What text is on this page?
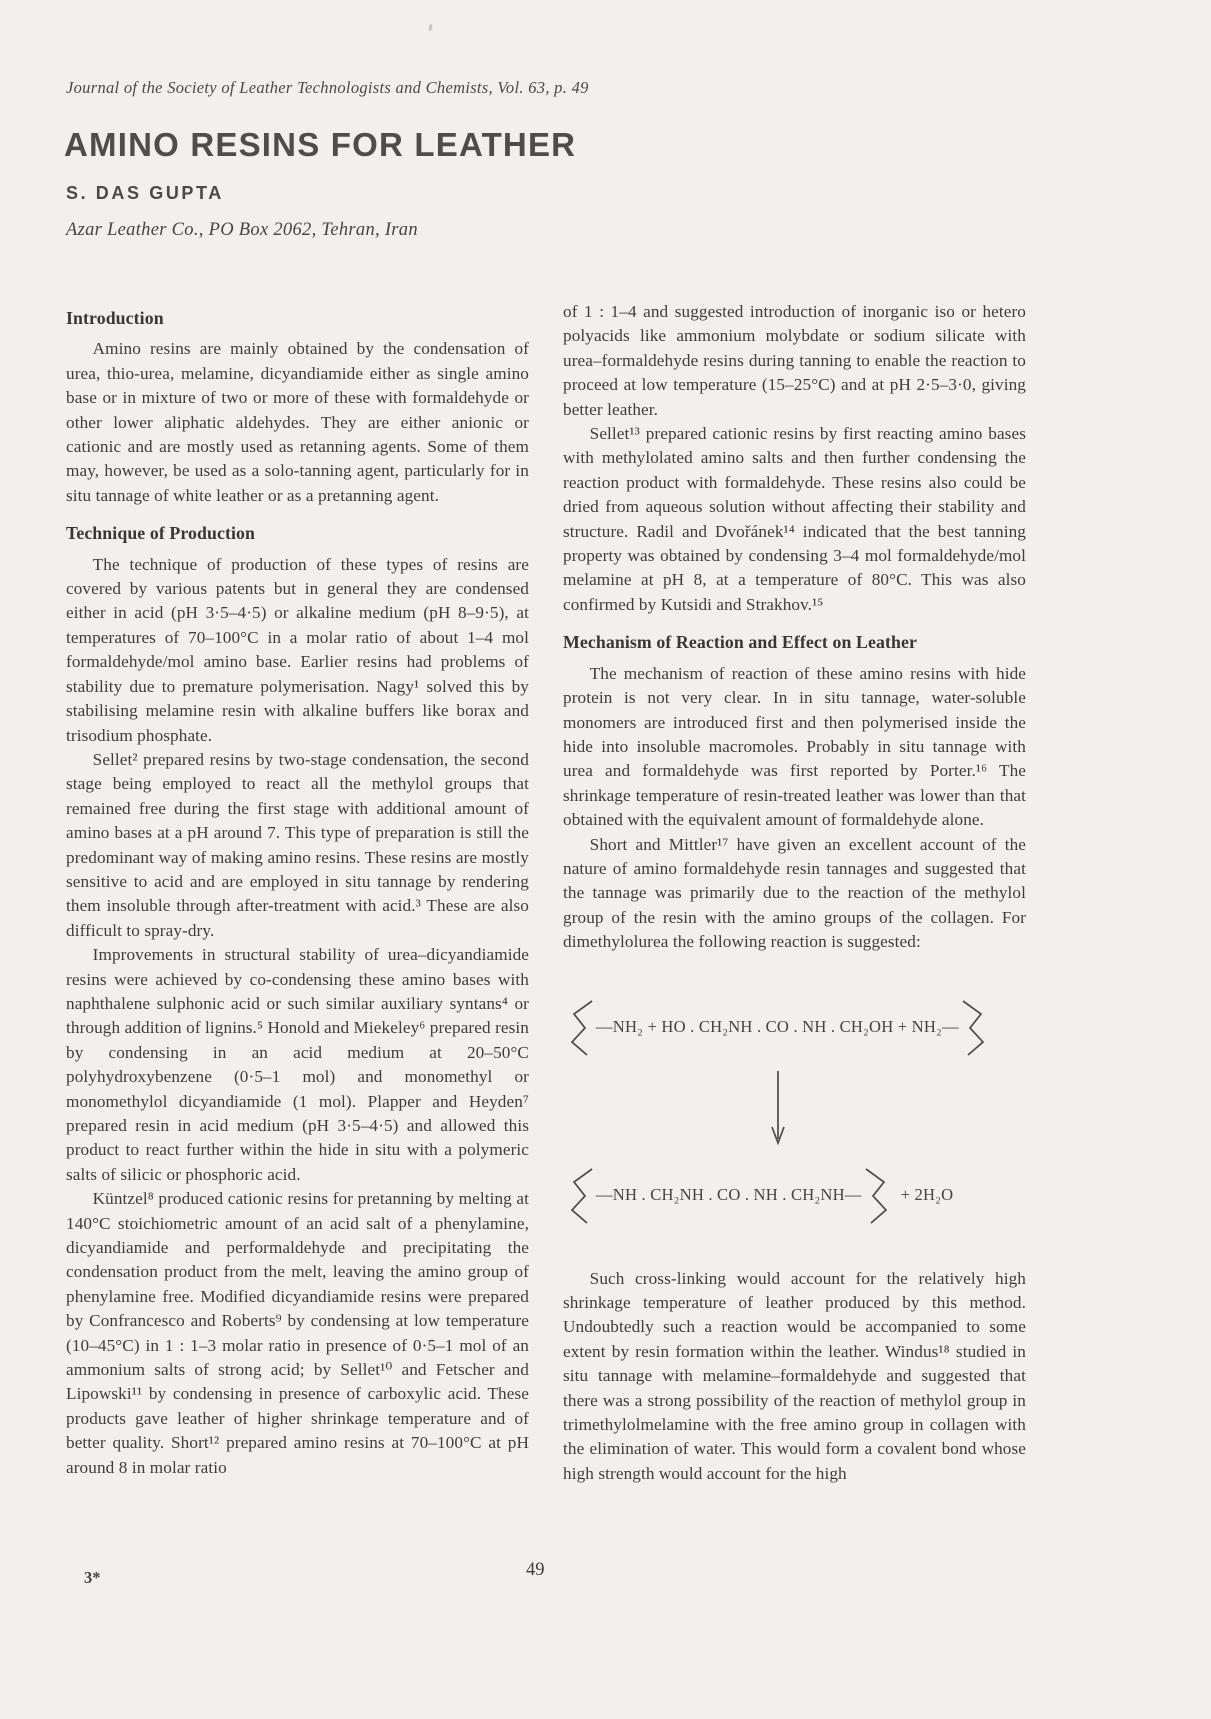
Journal of the Society of Leather Technologists and Chemists, Vol. 63, p. 49
AMINO RESINS FOR LEATHER
S. DAS GUPTA
Azar Leather Co., PO Box 2062, Tehran, Iran
Introduction

Amino resins are mainly obtained by the condensation of urea, thio-urea, melamine, dicyandiamide either as single amino base or in mixture of two or more of these with formaldehyde or other lower aliphatic aldehydes. They are either anionic or cationic and are mostly used as retanning agents. Some of them may, however, be used as a solo-tanning agent, particularly for in situ tannage of white leather or as a pretanning agent.

Technique of Production

The technique of production of these types of resins are covered by various patents but in general they are condensed either in acid (pH 3·5–4·5) or alkaline medium (pH 8–9·5), at temperatures of 70–100°C in a molar ratio of about 1–4 mol formaldehyde/mol amino base. Earlier resins had problems of stability due to premature polymerisation. Nagy¹ solved this by stabilising melamine resin with alkaline buffers like borax and trisodium phosphate.

Sellet² prepared resins by two-stage condensation, the second stage being employed to react all the methylol groups that remained free during the first stage with additional amount of amino bases at a pH around 7. This type of preparation is still the predominant way of making amino resins. These resins are mostly sensitive to acid and are employed in situ tannage by rendering them insoluble through after-treatment with acid.³ These are also difficult to spray-dry.

Improvements in structural stability of urea–dicyandiamide resins were achieved by co-condensing these amino bases with naphthalene sulphonic acid or such similar auxiliary syntans⁴ or through addition of lignins.⁵ Honold and Miekeley⁶ prepared resin by condensing in an acid medium at 20–50°C polyhydroxybenzene (0·5–1 mol) and monomethyl or monomethylol dicyandiamide (1 mol). Plapper and Heyden⁷ prepared resin in acid medium (pH 3·5–4·5) and allowed this product to react further within the hide in situ with a polymeric salts of silicic or phosphoric acid.

Küntzel⁸ produced cationic resins for pretanning by melting at 140°C stoichiometric amount of an acid salt of a phenylamine, dicyandiamide and performaldehyde and precipitating the condensation product from the melt, leaving the amino group of phenylamine free. Modified dicyandiamide resins were prepared by Confrancesco and Roberts⁹ by condensing at low temperature (10–45°C) in 1 : 1–3 molar ratio in presence of 0·5–1 mol of an ammonium salts of strong acid; by Sellet¹⁰ and Fetscher and Lipowski¹¹ by condensing in presence of carboxylic acid. These products gave leather of higher shrinkage temperature and of better quality. Short¹² prepared amino resins at 70–100°C at pH around 8 in molar ratio

of 1 : 1–4 and suggested introduction of inorganic iso or hetero polyacids like ammonium molybdate or sodium silicate with urea–formaldehyde resins during tanning to enable the reaction to proceed at low temperature (15–25°C) and at pH 2·5–3·0, giving better leather.

Sellet¹³ prepared cationic resins by first reacting amino bases with methylolated amino salts and then further condensing the reaction product with formaldehyde. These resins also could be dried from aqueous solution without affecting their stability and structure. Radil and Dvořánek¹⁴ indicated that the best tanning property was obtained by condensing 3–4 mol formaldehyde/mol melamine at pH 8, at a temperature of 80°C. This was also confirmed by Kutsidi and Strakhov.¹⁵

Mechanism of Reaction and Effect on Leather

The mechanism of reaction of these amino resins with hide protein is not very clear. In in situ tannage, water-soluble monomers are introduced first and then polymerised inside the hide into insoluble macromoles. Probably in situ tannage with urea and formaldehyde was first reported by Porter.¹⁶ The shrinkage temperature of resin-treated leather was lower than that obtained with the equivalent amount of formaldehyde alone.

Short and Mittler¹⁷ have given an excellent account of the nature of amino formaldehyde resin tannages and suggested that the tannage was primarily due to the reaction of the methylol group of the resin with the amino groups of the collagen. For dimethylolurea the following reaction is suggested:

—NH₂ + HO . CH₂NH . CO . NH . CH₂OH + NH₂—
—NH . CH₂NH . CO . NH . CH₂NH— + 2H₂O

Such cross-linking would account for the relatively high shrinkage temperature of leather produced by this method. Undoubtedly such a reaction would be accompanied to some extent by resin formation within the leather. Windus¹⁸ studied in situ tannage with melamine–formaldehyde and suggested that there was a strong possibility of the reaction of methylol group in trimethylolmelamine with the free amino group in collagen with the elimination of water. This would form a covalent bond whose high strength would account for the high

3*	49
